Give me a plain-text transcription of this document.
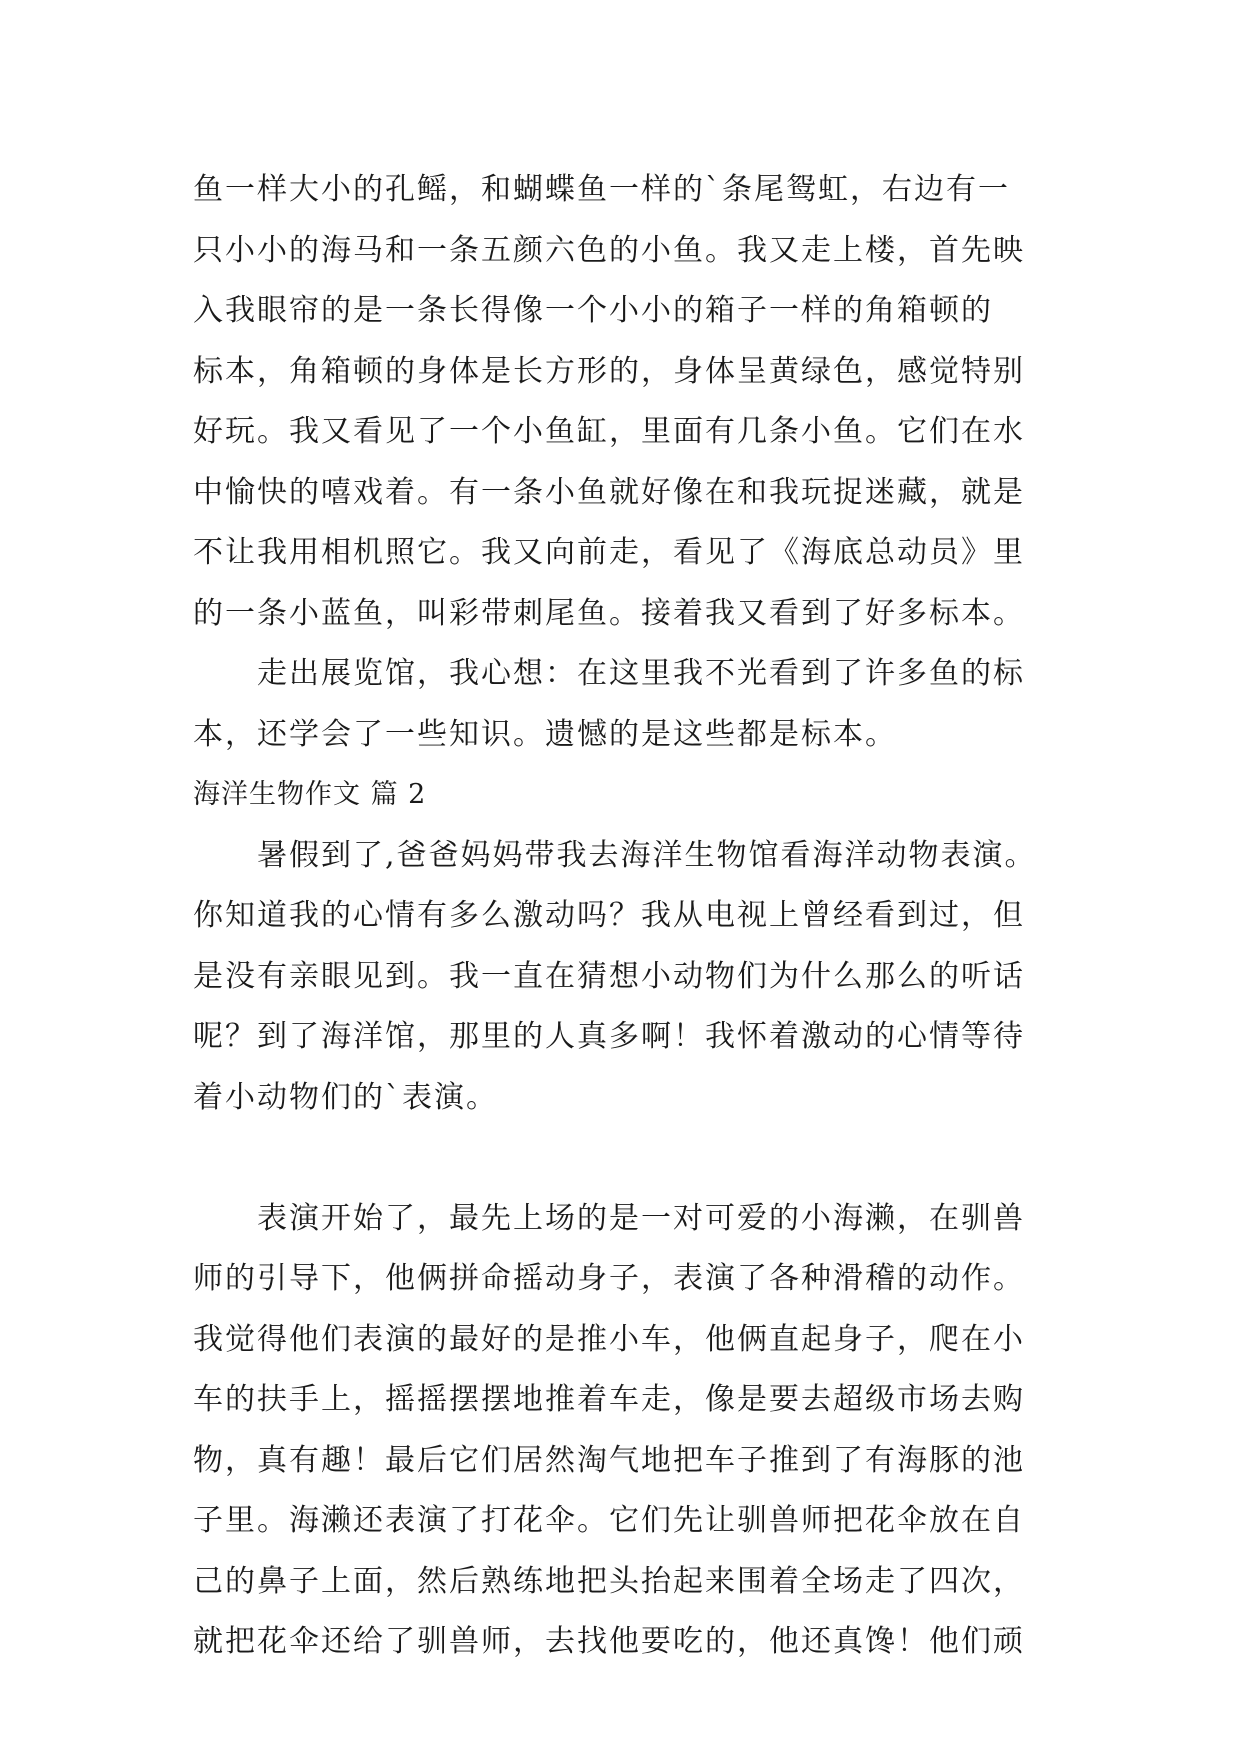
鱼一样大小的孔鳐，和蝴蝶鱼一样的`条尾鸳虹，右边有一
只小小的海马和一条五颜六色的小鱼。我又走上楼，首先映
入我眼帘的是一条长得像一个小小的箱子一样的角箱顿的
标本，角箱顿的身体是长方形的，身体呈黄绿色，感觉特别
好玩。我又看见了一个小鱼缸，里面有几条小鱼。它们在水
中愉快的嘻戏着。有一条小鱼就好像在和我玩捉迷藏，就是
不让我用相机照它。我又向前走，看见了《海底总动员》里
的一条小蓝鱼，叫彩带刺尾鱼。接着我又看到了好多标本。
走出展览馆，我心想：在这里我不光看到了许多鱼的标
本，还学会了一些知识。遗憾的是这些都是标本。
海洋生物作文 篇 2
暑假到了,爸爸妈妈带我去海洋生物馆看海洋动物表演。
你知道我的心情有多么激动吗？我从电视上曾经看到过，但
是没有亲眼见到。我一直在猜想小动物们为什么那么的听话
呢？到了海洋馆，那里的人真多啊！我怀着激动的心情等待
着小动物们的`表演。
表演开始了，最先上场的是一对可爱的小海濑，在驯兽
师的引导下，他俩拼命摇动身子，表演了各种滑稽的动作。
我觉得他们表演的最好的是推小车，他俩直起身子，爬在小
车的扶手上，摇摇摆摆地推着车走，像是要去超级市场去购
物，真有趣！最后它们居然淘气地把车子推到了有海豚的池
子里。海濑还表演了打花伞。它们先让驯兽师把花伞放在自
己的鼻子上面，然后熟练地把头抬起来围着全场走了四次，
就把花伞还给了驯兽师，去找他要吃的，他还真馋！他们顽
